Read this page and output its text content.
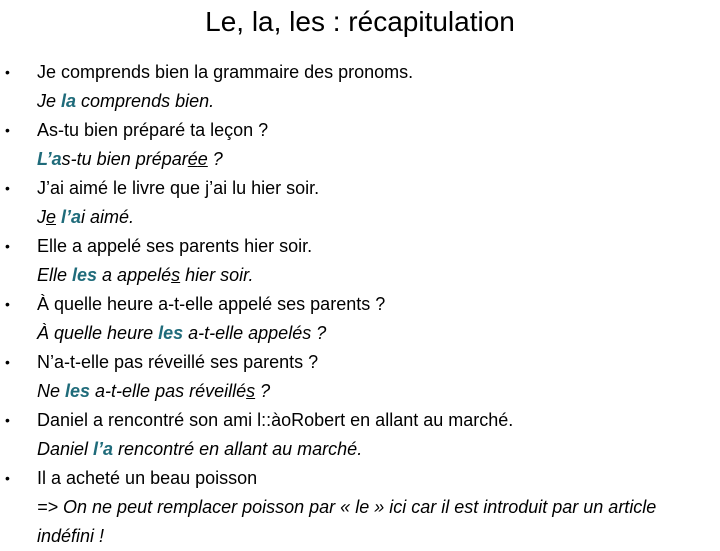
Le, la, les : récapitulation
• Je comprends bien la grammaire des pronoms.
Je la comprends bien.
• As-tu bien préparé ta leçon ?
L’as-tu bien préparée ?
• J’ai aimé le livre que j’ai lu hier soir.
Je l’ai aimé.
• Elle a appelé ses parents hier soir.
Elle les a appelés hier soir.
• À quelle heure a-t-elle appelé ses parents ?
À quelle heure les a-t-elle appelés ?
• N’a-t-elle pas réveillé ses parents ?
Ne les a-t-elle pas réveillés ?
• Daniel a rencontré son ami l::àoRobert en allant au marché.
Daniel l’a rencontré en allant au marché.
• Il a acheté un beau poisson
=> On ne peut remplacer poisson par « le » ici car il est introduit par un article indéfini !
